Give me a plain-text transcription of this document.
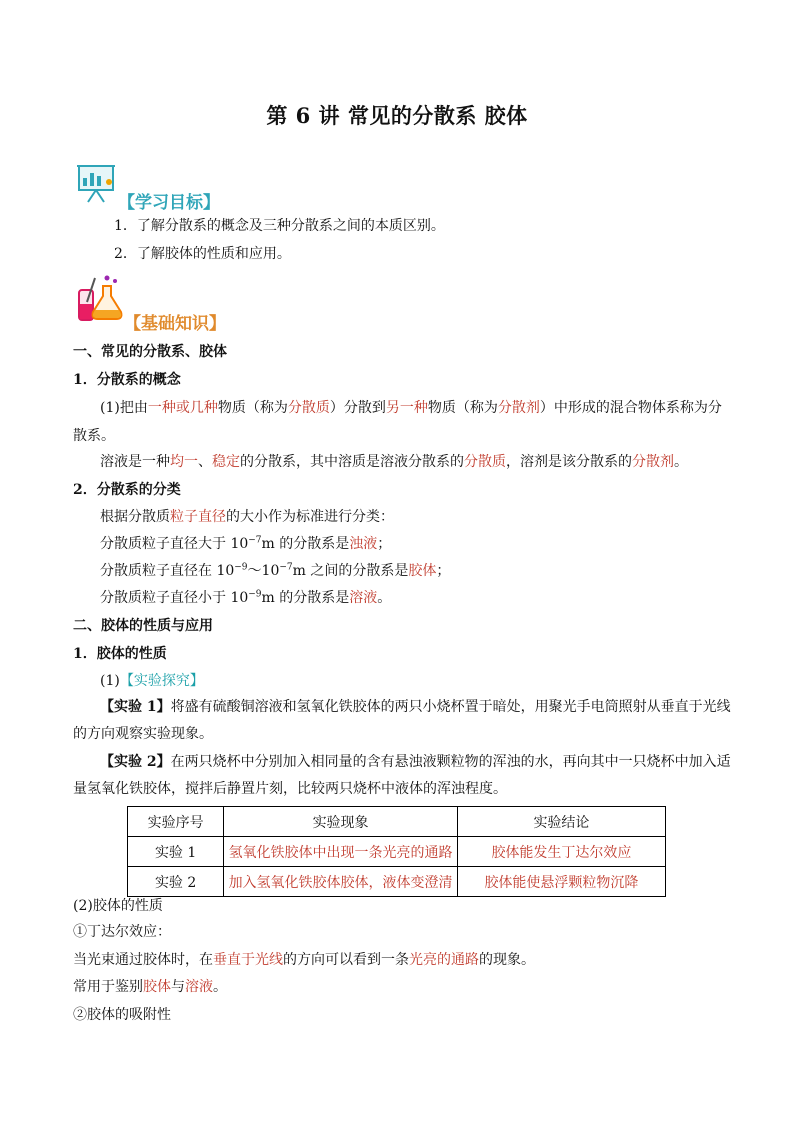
第 6 讲 常见的分散系 胶体
【学习目标】
1．了解分散系的概念及三种分散系之间的本质区别。
2．了解胶体的性质和应用。
【基础知识】
一、常见的分散系、胶体
1．分散系的概念
(1)把由一种或几种物质（称为分散质）分散到另一种物质（称为分散剂）中形成的混合物体系称为分
散系。
溶液是一种均一、稳定的分散系，其中溶质是溶液分散系的分散质，溶剂是该分散系的分散剂。
2．分散系的分类
根据分散质粒子直径的大小作为标准进行分类：
分散质粒子直径大于 $10^{-7}m$ 的分散系是浊液；
分散质粒子直径在 $10^{-9}\sim 10^{-7}m$ 之间的分散系是胶体；
分散质粒子直径小于 $10^{-9}m$ 的分散系是溶液。
二、胶体的性质与应用
1．胶体的性质
(1)【实验探究】
【实验 1】将盛有硫酸铜溶液和氢氧化铁胶体的两只小烧杯置于暗处，用聚光手电筒照射从垂直于光线
的方向观察实验现象。
【实验 2】在两只烧杯中分别加入相同量的含有悬浊液颗粒物的浑浊的水，再向其中一只烧杯中加入适
量氢氧化铁胶体，搅拌后静置片刻，比较两只烧杯中液体的浑浊程度。
实验序号	实验现象	实验结论
实验 1	氢氧化铁胶体中出现一条光亮的通路	胶体能发生丁达尔效应
实验 2	加入氢氧化铁胶体胶体，液体变澄清	胶体能使悬浮颗粒物沉降
(2)胶体的性质
①丁达尔效应：
当光束通过胶体时，在垂直于光线的方向可以看到一条光亮的通路的现象。
常用于鉴别胶体与溶液。
②胶体的吸附性
